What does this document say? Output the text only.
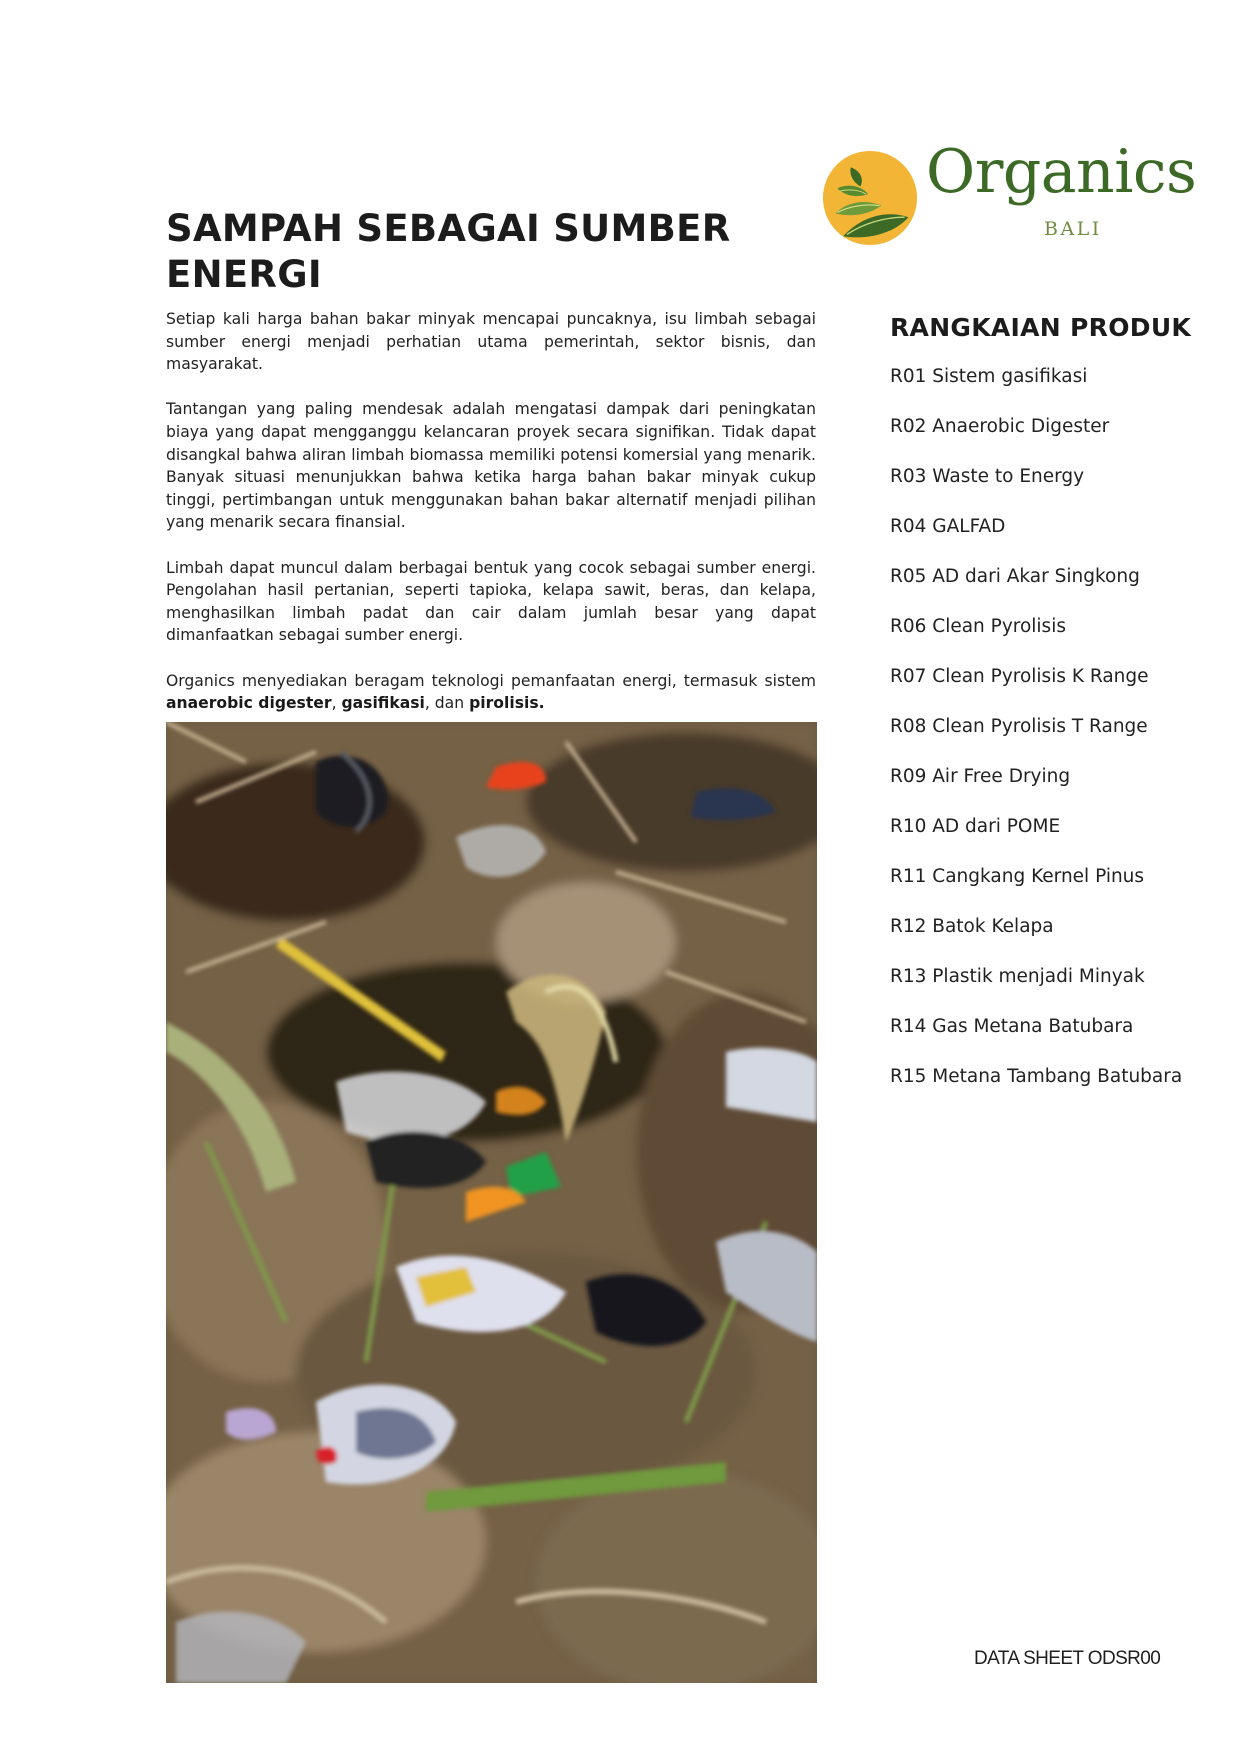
Organics
BALI
SAMPAH SEBAGAI SUMBER ENERGI

Setiap kali harga bahan bakar minyak mencapai puncaknya, isu limbah sebagai sumber energi menjadi perhatian utama pemerintah, sektor bisnis, dan masyarakat.

Tantangan yang paling mendesak adalah mengatasi dampak dari peningkatan biaya yang dapat mengganggu kelancaran proyek secara signifikan. Tidak dapat disangkal bahwa aliran limbah biomassa memiliki potensi komersial yang menarik. Banyak situasi menunjukkan bahwa ketika harga bahan bakar minyak cukup tinggi, pertimbangan untuk menggunakan bahan bakar alternatif menjadi pilihan yang menarik secara finansial.

Limbah dapat muncul dalam berbagai bentuk yang cocok sebagai sumber energi. Pengolahan hasil pertanian, seperti tapioka, kelapa sawit, beras, dan kelapa, menghasilkan limbah padat dan cair dalam jumlah besar yang dapat dimanfaatkan sebagai sumber energi.

Organics menyediakan beragam teknologi pemanfaatan energi, termasuk sistem anaerobic digester, gasifikasi, dan pirolisis.

RANGKAIAN PRODUK
R01 Sistem gasifikasi
R02 Anaerobic Digester
R03 Waste to Energy
R04 GALFAD
R05 AD dari Akar Singkong
R06 Clean Pyrolisis
R07 Clean Pyrolisis K Range
R08 Clean Pyrolisis T Range
R09 Air Free Drying
R10 AD dari POME
R11 Cangkang Kernel Pinus
R12 Batok Kelapa
R13 Plastik menjadi Minyak
R14 Gas Metana Batubara
R15 Metana Tambang Batubara
DATA SHEET ODSR00
